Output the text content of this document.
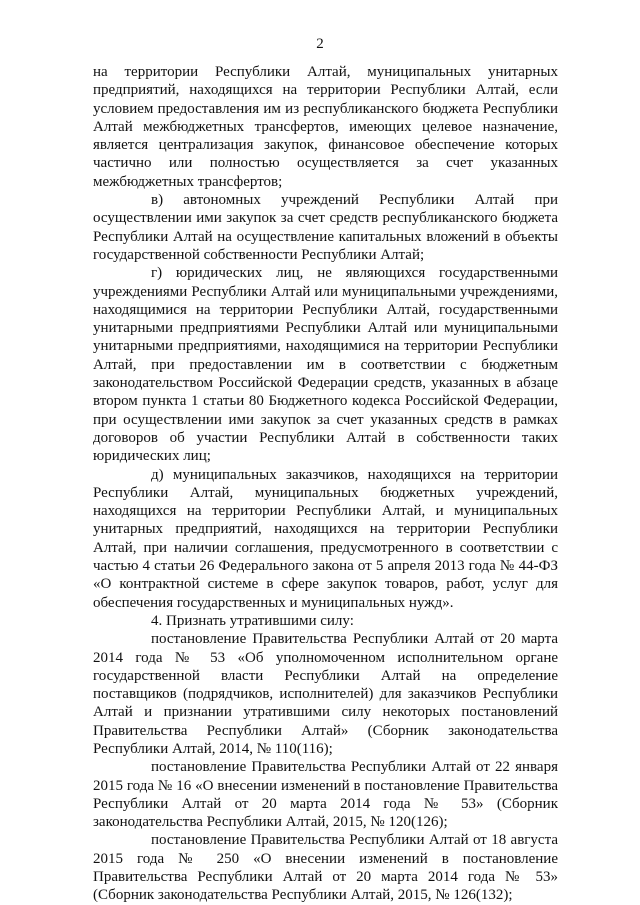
2

на территории Республики Алтай, муниципальных унитарных предприятий, находящихся на территории Республики Алтай, если условием предоставления им из республиканского бюджета Республики Алтай межбюджетных трансфертов, имеющих целевое назначение, является централизация закупок, финансовое обеспечение которых частично или полностью осуществляется за счет указанных межбюджетных трансфертов;

в) автономных учреждений Республики Алтай при осуществлении ими закупок за счет средств республиканского бюджета Республики Алтай на осуществление капитальных вложений в объекты государственной собственности Республики Алтай;

г) юридических лиц, не являющихся государственными учреждениями Республики Алтай или муниципальными учреждениями, находящимися на территории Республики Алтай, государственными унитарными предприятиями Республики Алтай или муниципальными унитарными предприятиями, находящимися на территории Республики Алтай, при предоставлении им в соответствии с бюджетным законодательством Российской Федерации средств, указанных в абзаце втором пункта 1 статьи 80 Бюджетного кодекса Российской Федерации, при осуществлении ими закупок за счет указанных средств в рамках договоров об участии Республики Алтай в собственности таких юридических лиц;

д) муниципальных заказчиков, находящихся на территории Республики Алтай, муниципальных бюджетных учреждений, находящихся на территории Республики Алтай, и муниципальных унитарных предприятий, находящихся на территории Республики Алтай, при наличии соглашения, предусмотренного в соответствии с частью 4 статьи 26 Федерального закона от 5 апреля 2013 года № 44-ФЗ «О контрактной системе в сфере закупок товаров, работ, услуг для обеспечения государственных и муниципальных нужд».

4. Признать утратившими силу:

постановление Правительства Республики Алтай от 20 марта 2014 года № 53 «Об уполномоченном исполнительном органе государственной власти Республики Алтай на определение поставщиков (подрядчиков, исполнителей) для заказчиков Республики Алтай и признании утратившими силу некоторых постановлений Правительства Республики Алтай» (Сборник законодательства Республики Алтай, 2014, № 110(116);

постановление Правительства Республики Алтай от 22 января 2015 года № 16 «О внесении изменений в постановление Правительства Республики Алтай от 20 марта 2014 года № 53» (Сборник законодательства Республики Алтай, 2015, № 120(126);

постановление Правительства Республики Алтай от 18 августа 2015 года № 250 «О внесении изменений в постановление Правительства Республики Алтай от 20 марта 2014 года № 53» (Сборник законодательства Республики Алтай, 2015, № 126(132);
